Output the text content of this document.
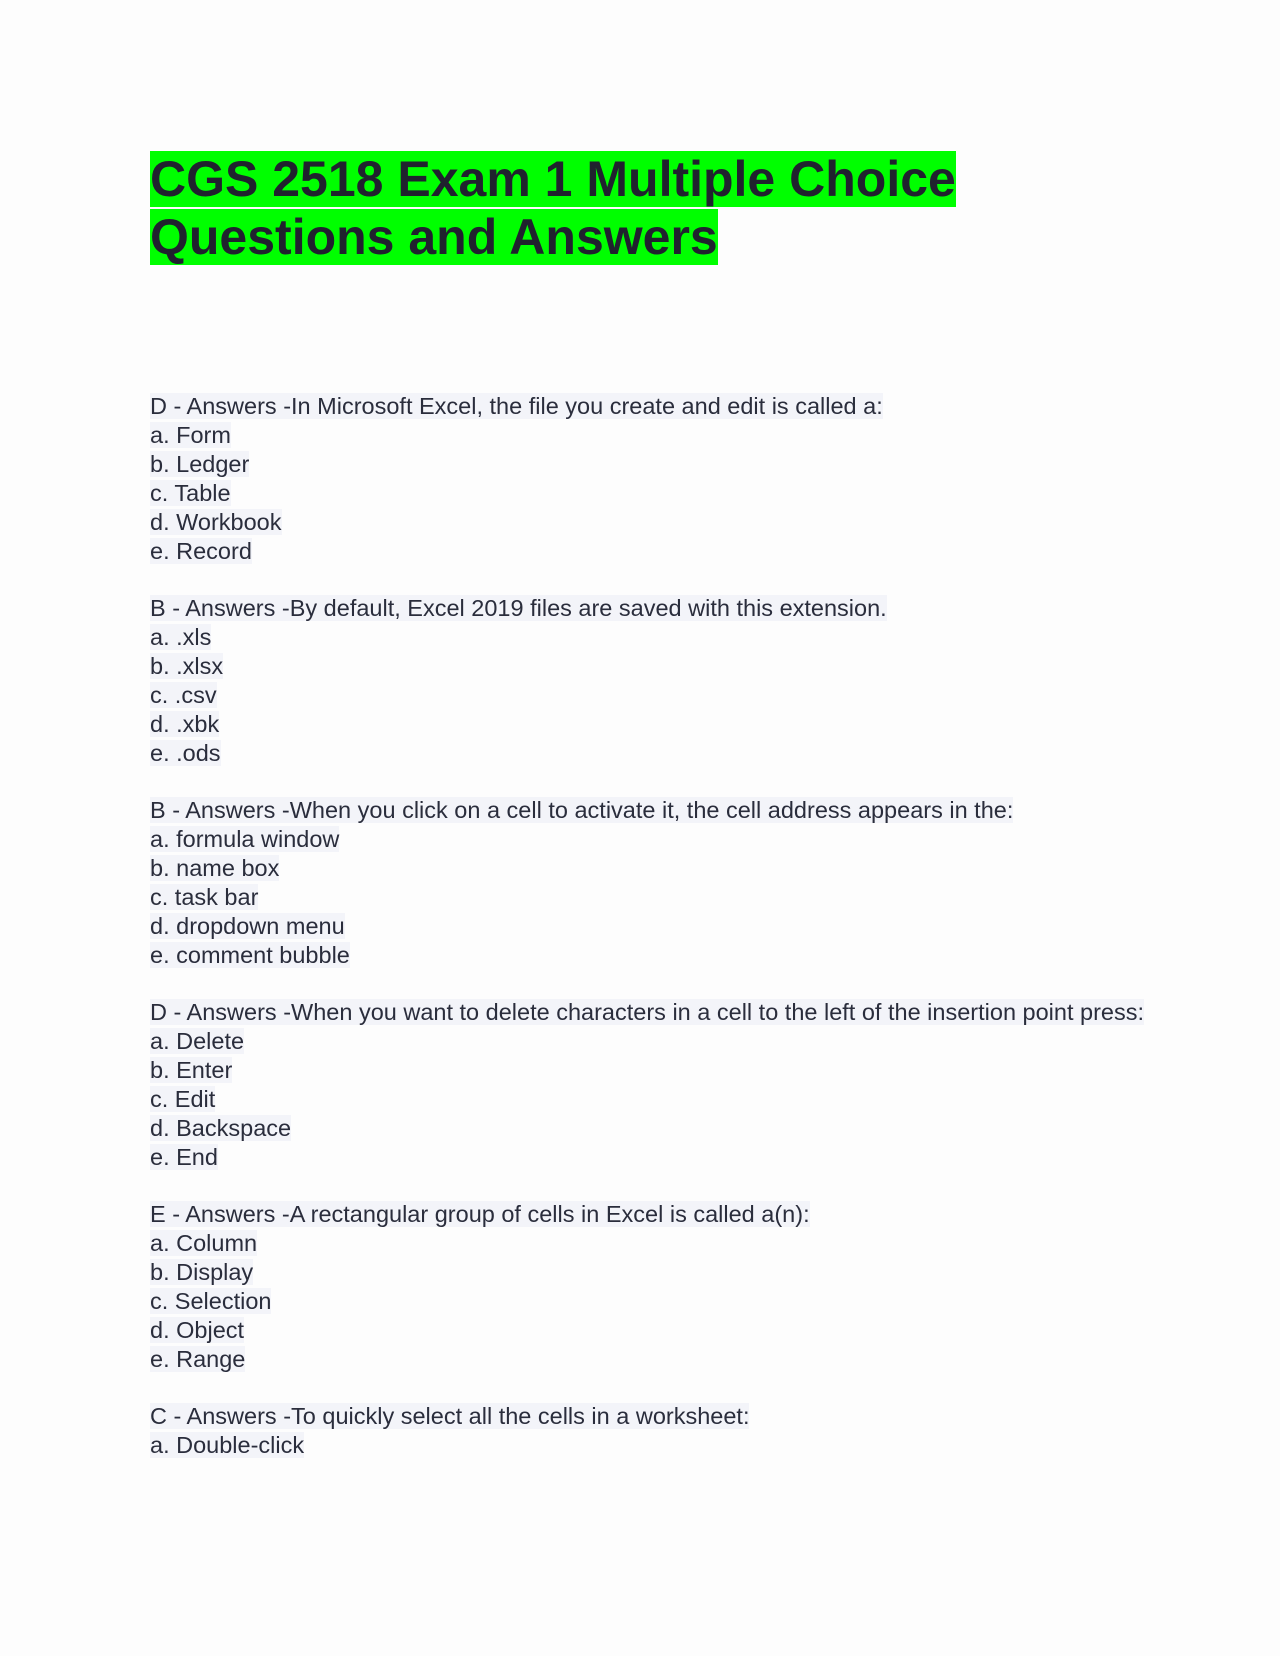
CGS 2518 Exam 1 Multiple Choice Questions and Answers
D - Answers -In Microsoft Excel, the file you create and edit is called a:
a. Form
b. Ledger
c. Table
d. Workbook
e. Record
B - Answers -By default, Excel 2019 files are saved with this extension.
a. .xls
b. .xlsx
c. .csv
d. .xbk
e. .ods
B - Answers -When you click on a cell to activate it, the cell address appears in the:
a. formula window
b. name box
c. task bar
d. dropdown menu
e. comment bubble
D - Answers -When you want to delete characters in a cell to the left of the insertion point press:
a. Delete
b. Enter
c. Edit
d. Backspace
e. End
E - Answers -A rectangular group of cells in Excel is called a(n):
a. Column
b. Display
c. Selection
d. Object
e. Range
C - Answers -To quickly select all the cells in a worksheet:
a. Double-click
